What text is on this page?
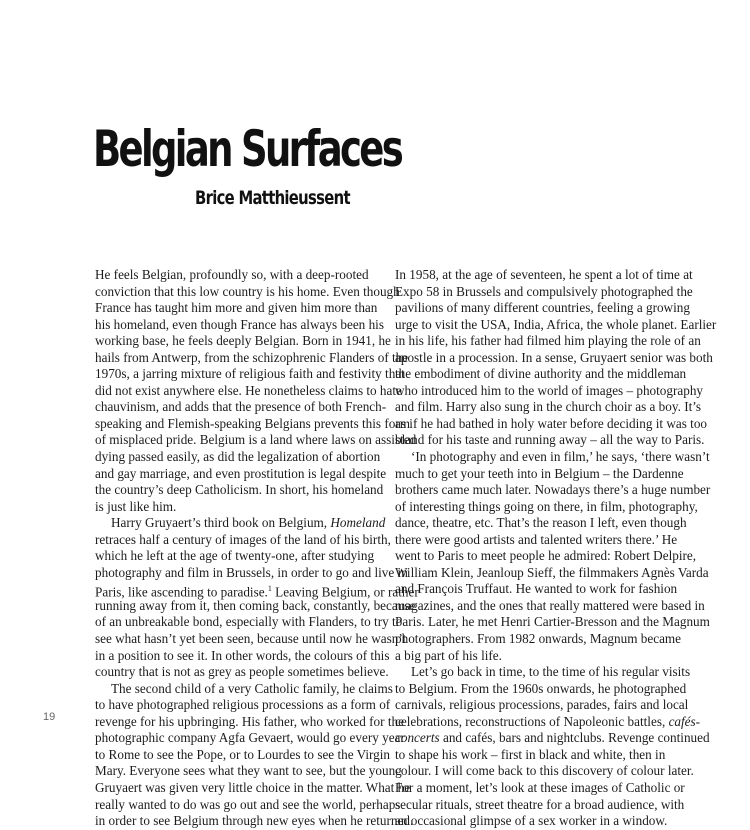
Belgian Surfaces
Brice Matthieussent
He feels Belgian, profoundly so, with a deep-rooted
conviction that this low country is his home. Even though
France has taught him more and given him more than
his homeland, even though France has always been his
working base, he feels deeply Belgian. Born in 1941, he
hails from Antwerp, from the schizophrenic Flanders of the
1970s, a jarring mixture of religious faith and festivity that
did not exist anywhere else. He nonetheless claims to hate
chauvinism, and adds that the presence of both French-
speaking and Flemish-speaking Belgians prevents this form
of misplaced pride. Belgium is a land where laws on assisted
dying passed easily, as did the legalization of abortion
and gay marriage, and even prostitution is legal despite
the country’s deep Catholicism. In short, his homeland
is just like him.
Harry Gruyaert’s third book on Belgium, Homeland
retraces half a century of images of the land of his birth,
which he left at the age of twenty-one, after studying
photography and film in Brussels, in order to go and live in
Paris, like ascending to paradise.$^1$ Leaving Belgium, or rather
running away from it, then coming back, constantly, because
of an unbreakable bond, especially with Flanders, to try to
see what hasn’t yet been seen, because until now he wasn’t
in a position to see it. In other words, the colours of this
country that is not as grey as people sometimes believe.
The second child of a very Catholic family, he claims
to have photographed religious processions as a form of
revenge for his upbringing. His father, who worked for the
photographic company Agfa Gevaert, would go every year
to Rome to see the Pope, or to Lourdes to see the Virgin
Mary. Everyone sees what they want to see, but the young
Gruyaert was given very little choice in the matter. What he
really wanted to do was go out and see the world, perhaps
in order to see Belgium through new eyes when he returned.
In 1958, at the age of seventeen, he spent a lot of time at
Expo 58 in Brussels and compulsively photographed the
pavilions of many different countries, feeling a growing
urge to visit the USA, India, Africa, the whole planet. Earlier
in his life, his father had filmed him playing the role of an
apostle in a procession. In a sense, Gruyaert senior was both
the embodiment of divine authority and the middleman
who introduced him to the world of images – photography
and film. Harry also sung in the church choir as a boy. It’s
as if he had bathed in holy water before deciding it was too
bland for his taste and running away – all the way to Paris.
‘In photography and even in film,’ he says, ‘there wasn’t
much to get your teeth into in Belgium – the Dardenne
brothers came much later. Nowadays there’s a huge number
of interesting things going on there, in film, photography,
dance, theatre, etc. That’s the reason I left, even though
there were good artists and talented writers there.’ He
went to Paris to meet people he admired: Robert Delpire,
William Klein, Jeanloup Sieff, the filmmakers Agnès Varda
and François Truffaut. He wanted to work for fashion
magazines, and the ones that really mattered were based in
Paris. Later, he met Henri Cartier-Bresson and the Magnum
photographers. From 1982 onwards, Magnum became
a big part of his life.
Let’s go back in time, to the time of his regular visits
to Belgium. From the 1960s onwards, he photographed
carnivals, religious processions, parades, fairs and local
celebrations, reconstructions of Napoleonic battles, cafés-
concerts and cafés, bars and nightclubs. Revenge continued
to shape his work – first in black and white, then in
colour. I will come back to this discovery of colour later.
For a moment, let’s look at these images of Catholic or
secular rituals, street theatre for a broad audience, with
an occasional glimpse of a sex worker in a window.
19
